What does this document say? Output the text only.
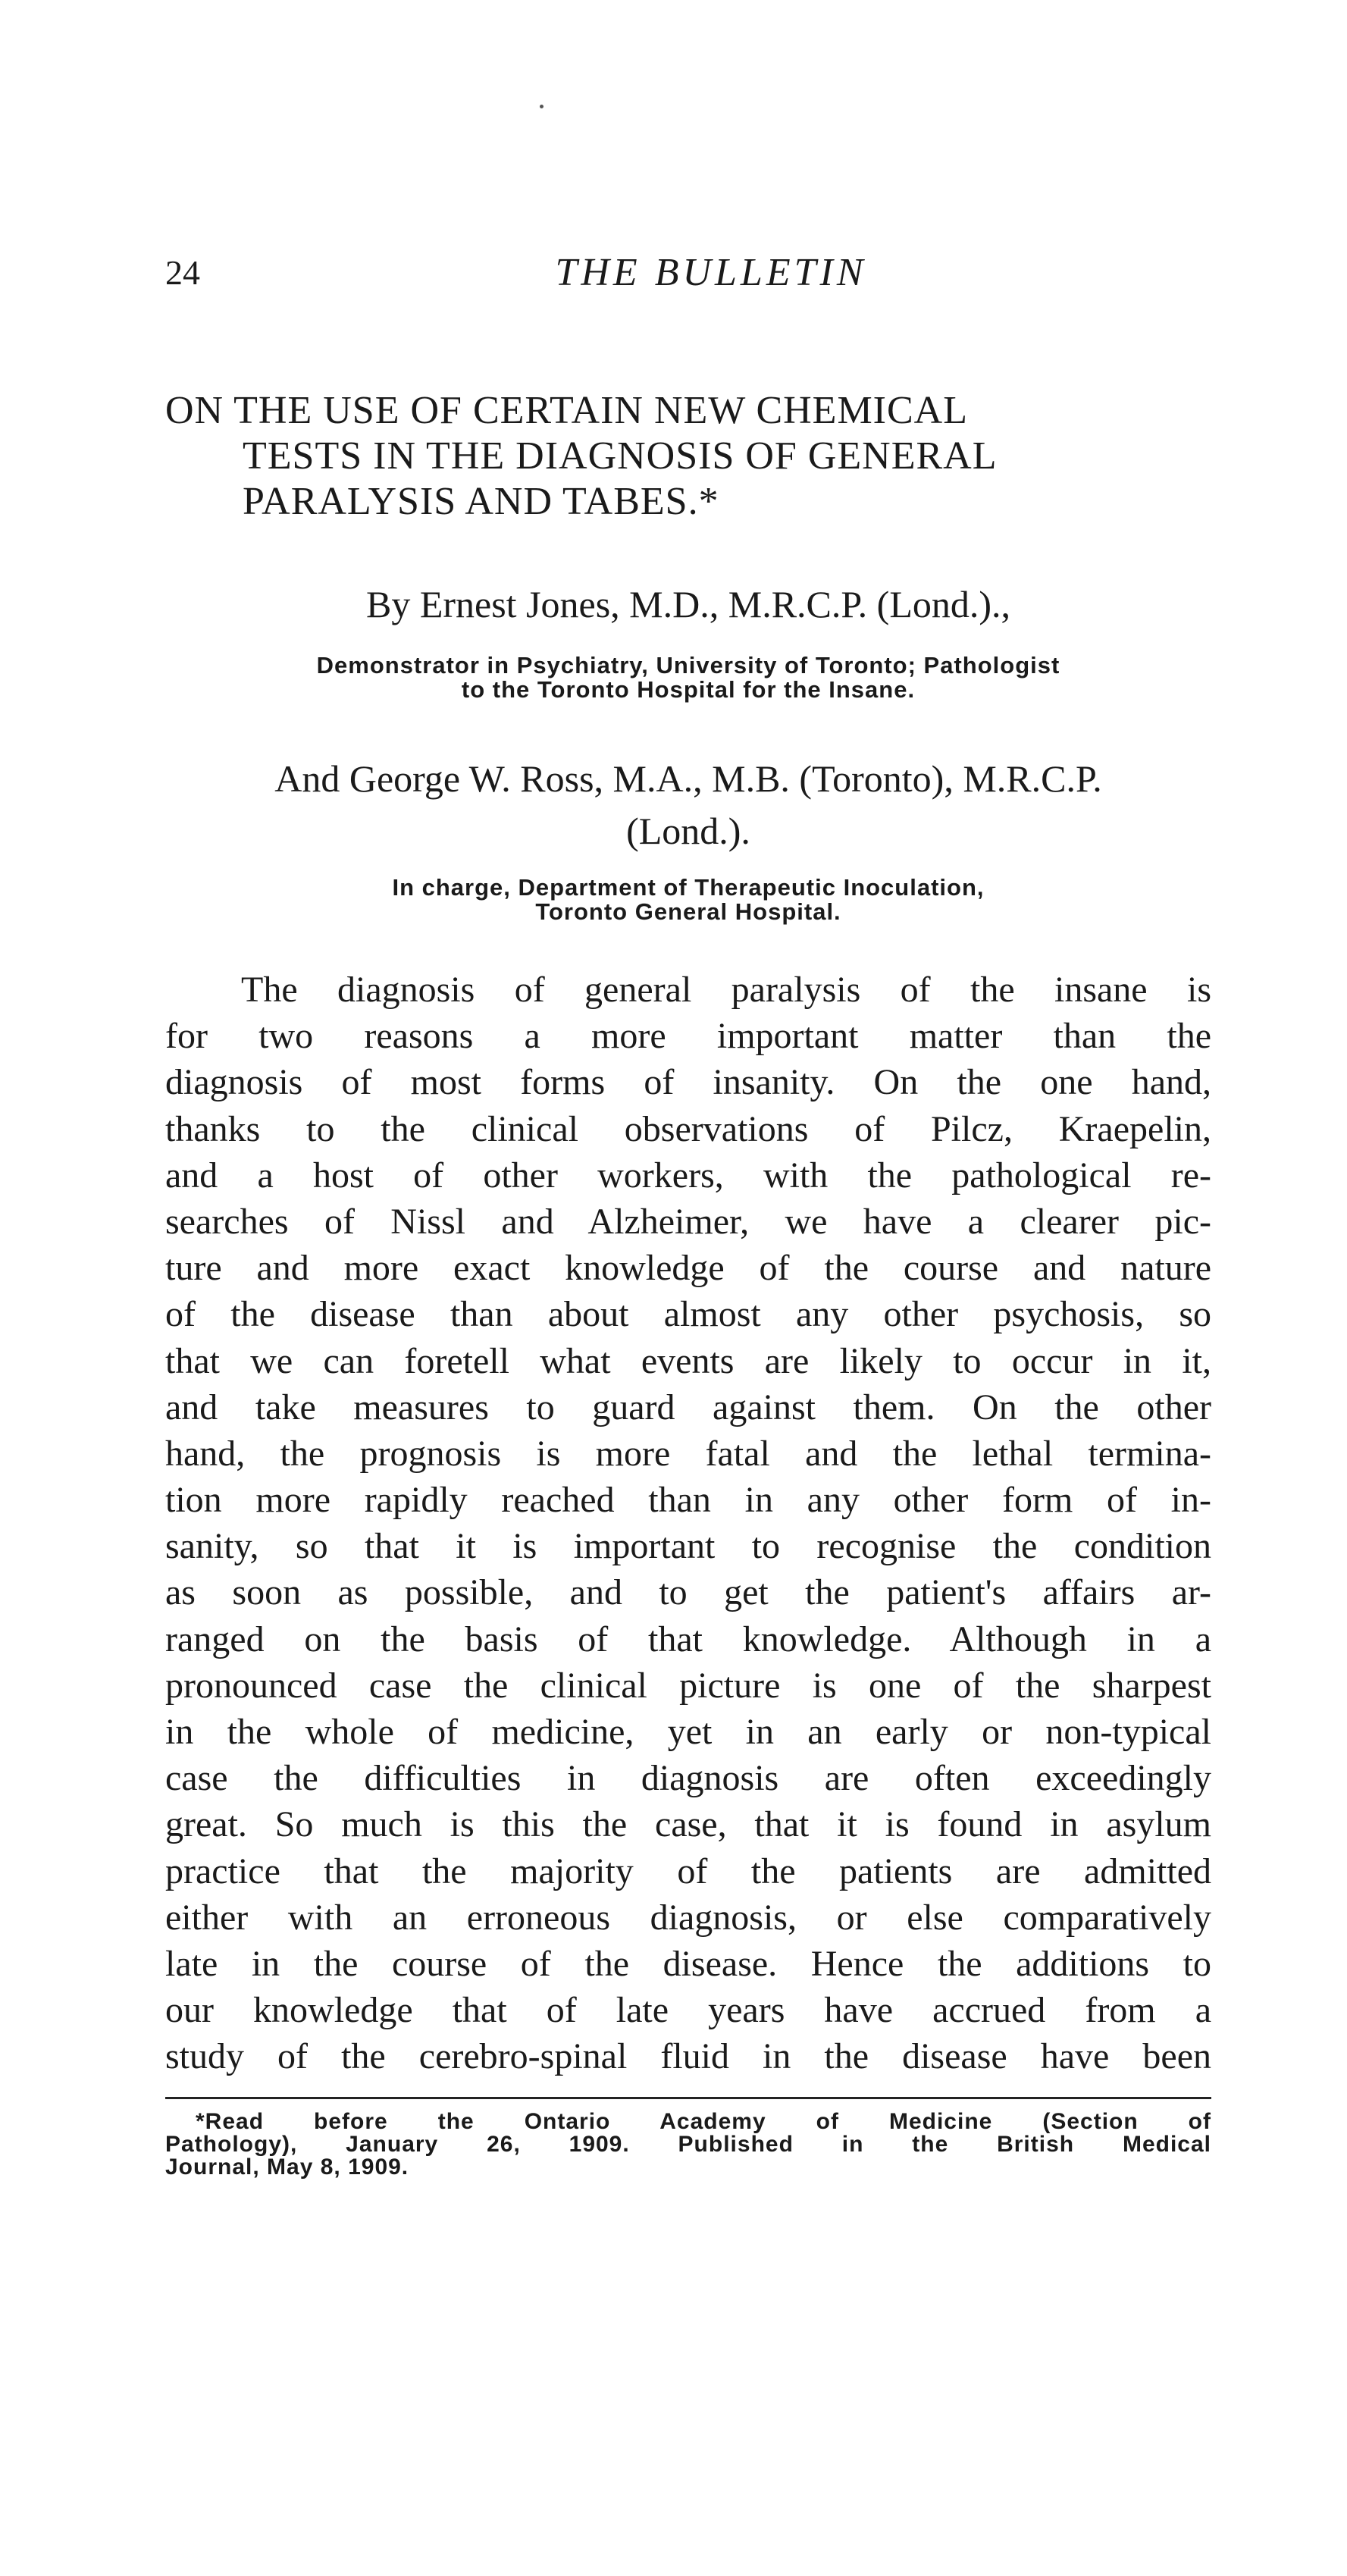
24	THE BULLETIN
ON THE USE OF CERTAIN NEW CHEMICAL
TESTS IN THE DIAGNOSIS OF GENERAL
PARALYSIS AND TABES.*
By Ernest Jones, M.D., M.R.C.P. (Lond.).,
Demonstrator in Psychiatry, University of Toronto; Pathologist
to the Toronto Hospital for the Insane.
And George W. Ross, M.A., M.B. (Toronto), M.R.C.P.
(Lond.).
In charge, Department of Therapeutic Inoculation,
Toronto General Hospital.
The diagnosis of general paralysis of the insane is
for two reasons a more important matter than the
diagnosis of most forms of insanity. On the one hand,
thanks to the clinical observations of Pilcz, Kraepelin,
and a host of other workers, with the pathological re-
searches of Nissl and Alzheimer, we have a clearer pic-
ture and more exact knowledge of the course and nature
of the disease than about almost any other psychosis, so
that we can foretell what events are likely to occur in it,
and take measures to guard against them. On the other
hand, the prognosis is more fatal and the lethal termina-
tion more rapidly reached than in any other form of in-
sanity, so that it is important to recognise the condition
as soon as possible, and to get the patient's affairs ar-
ranged on the basis of that knowledge. Although in a
pronounced case the clinical picture is one of the sharpest
in the whole of medicine, yet in an early or non-typical
case the difficulties in diagnosis are often exceedingly
great. So much is this the case, that it is found in asylum
practice that the majority of the patients are admitted
either with an erroneous diagnosis, or else comparatively
late in the course of the disease. Hence the additions to
our knowledge that of late years have accrued from a
study of the cerebro-spinal fluid in the disease have been
*Read before the Ontario Academy of Medicine (Section of
Pathology), January 26, 1909. Published in the British Medical
Journal, May 8, 1909.
